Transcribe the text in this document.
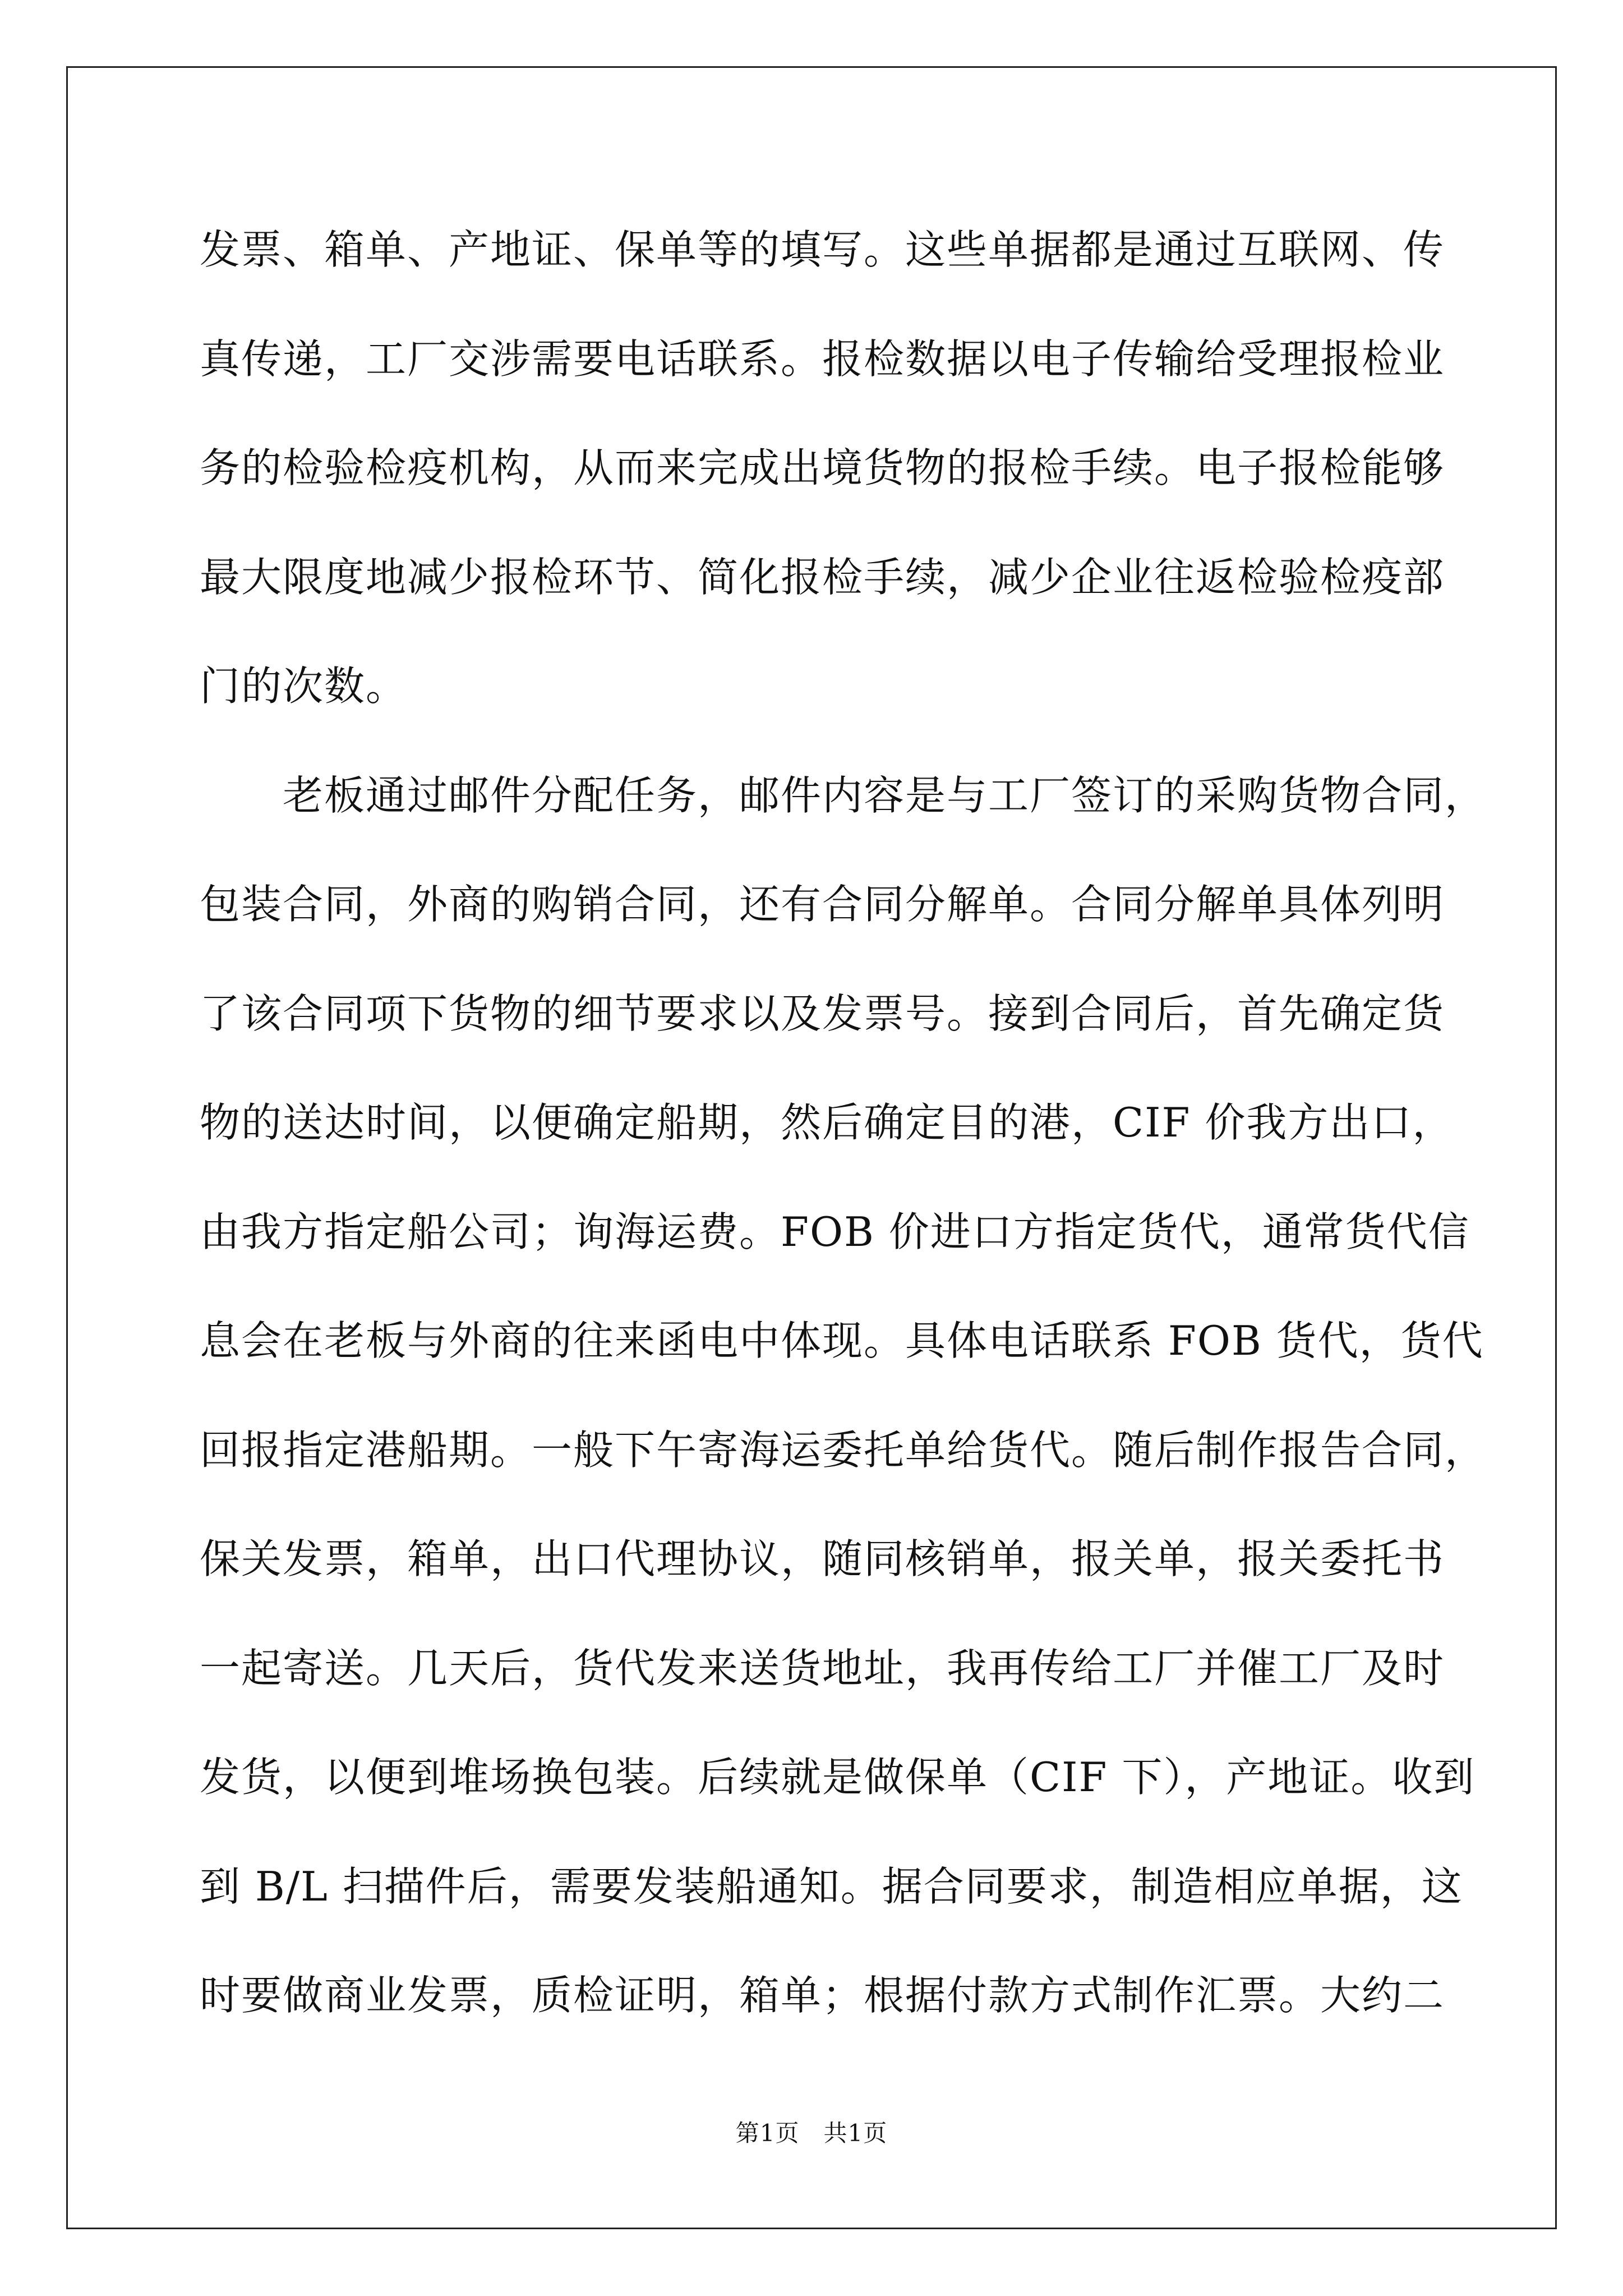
发票、箱单、产地证、保单等的填写。这些单据都是通过互联网、传
真传递，工厂交涉需要电话联系。报检数据以电子传输给受理报检业
务的检验检疫机构，从而来完成出境货物的报检手续。电子报检能够
最大限度地减少报检环节、简化报检手续，减少企业往返检验检疫部
门的次数。
　　老板通过邮件分配任务，邮件内容是与工厂签订的采购货物合同，
包装合同，外商的购销合同，还有合同分解单。合同分解单具体列明
了该合同项下货物的细节要求以及发票号。接到合同后，首先确定货
物的送达时间，以便确定船期，然后确定目的港，CIF 价我方出口，
由我方指定船公司；询海运费。FOB 价进口方指定货代，通常货代信
息会在老板与外商的往来函电中体现。具体电话联系 FOB 货代，货代
回报指定港船期。一般下午寄海运委托单给货代。随后制作报告合同，
保关发票，箱单，出口代理协议，随同核销单，报关单，报关委托书
一起寄送。几天后，货代发来送货地址，我再传给工厂并催工厂及时
发货，以便到堆场换包装。后续就是做保单（CIF 下），产地证。收到
到 B/L 扫描件后，需要发装船通知。据合同要求，制造相应单据，这
时要做商业发票，质检证明，箱单；根据付款方式制作汇票。大约二
第1页　共1页
